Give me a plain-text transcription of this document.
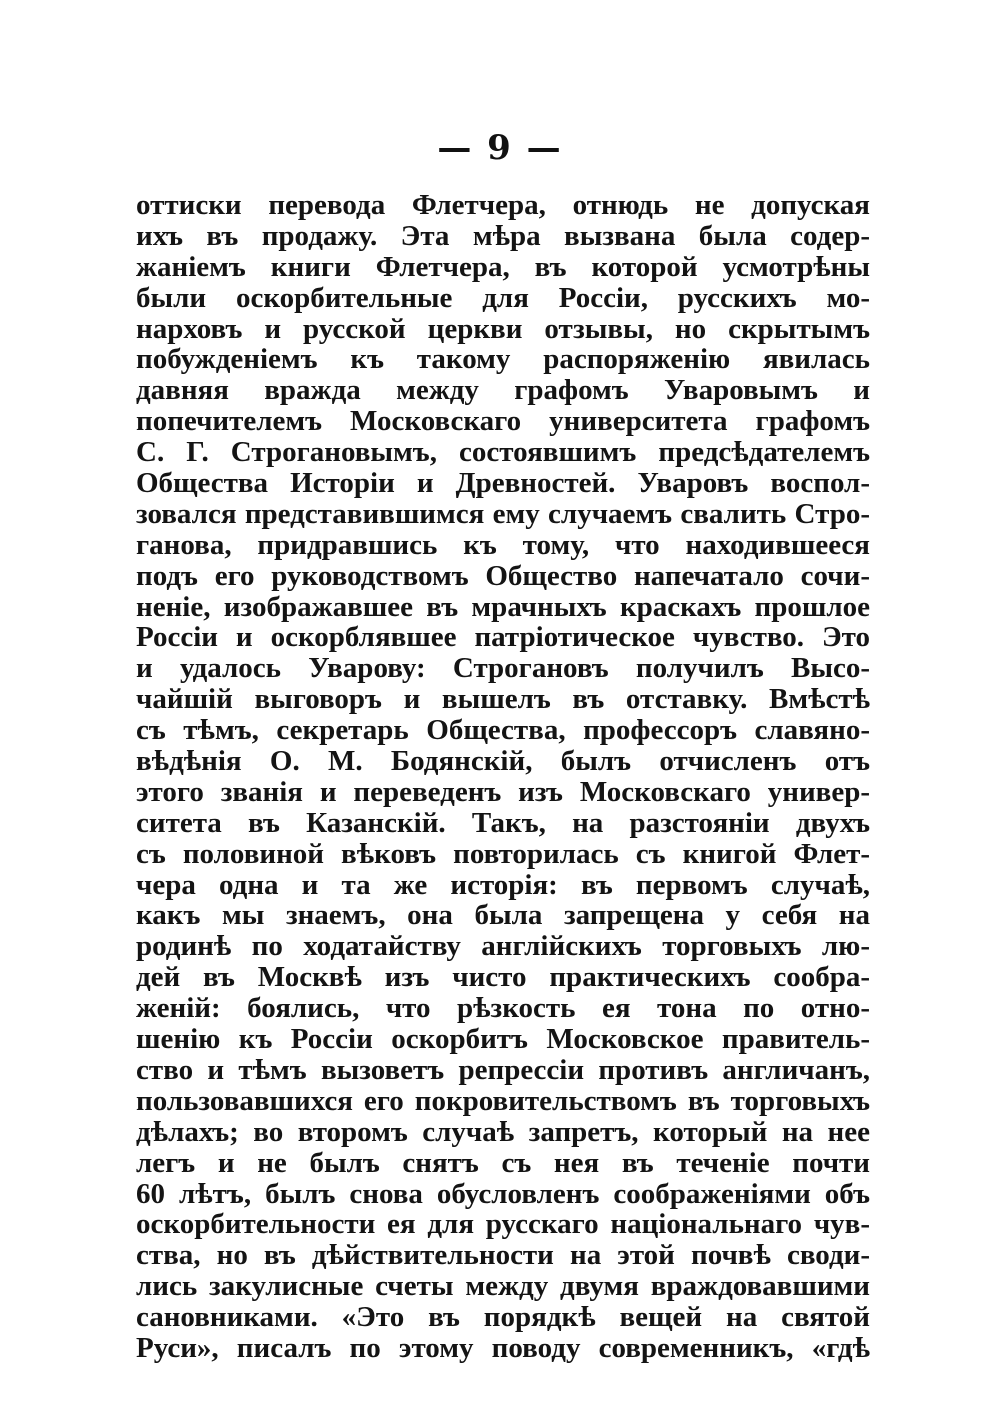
— 9 —
оттиски перевода Флетчера, отнюдь не допуская
ихъ въ продажу. Эта мѣра вызвана была содер-
жаніемъ книги Флетчера, въ которой усмотрѣны
были оскорбительные для Россіи, русскихъ мо-
нарховъ и русской церкви отзывы, но скрытымъ
побужденіемъ къ такому распоряженію явилась
давняя вражда между графомъ Уваровымъ и
попечителемъ Московскаго университета графомъ
С. Г. Строгановымъ, состоявшимъ предсѣдателемъ
Общества Исторіи и Древностей. Уваровъ воспол-
зовался представившимся ему случаемъ свалить Стро-
ганова, придравшись къ тому, что находившееся
подъ его руководствомъ Общество напечатало сочи-
неніе, изображавшее въ мрачныхъ краскахъ прошлое
Россіи и оскорблявшее патріотическое чувство. Это
и удалось Уварову: Строгановъ получилъ Высо-
чайшій выговоръ и вышелъ въ отставку. Вмѣстѣ
съ тѣмъ, секретарь Общества, профессоръ славяно-
вѣдѣнія О. М. Бодянскій, былъ отчисленъ отъ
этого званія и переведенъ изъ Московскаго универ-
ситета въ Казанскій. Такъ, на разстояніи двухъ
съ половиной вѣковъ повторилась съ книгой Флет-
чера одна и та же исторія: въ первомъ случаѣ,
какъ мы знаемъ, она была запрещена у себя на
родинѣ по ходатайству англійскихъ торговыхъ лю-
дей въ Москвѣ изъ чисто практическихъ сообра-
женій: боялись, что рѣзкость ея тона по отно-
шенію къ Россіи оскорбитъ Московское правитель-
ство и тѣмъ вызоветъ репрессіи противъ англичанъ,
пользовавшихся его покровительствомъ въ торговыхъ
дѣлахъ; во второмъ случаѣ запретъ, который на нее
легъ и не былъ снятъ съ нея въ теченіе почти
60 лѣтъ, былъ снова обусловленъ соображеніями объ
оскорбительности ея для русскаго національнаго чув-
ства, но въ дѣйствительности на этой почвѣ своди-
лись закулисные счеты между двумя враждовавшими
сановниками. «Это въ порядкѣ вещей на святой
Руси», писалъ по этому поводу современникъ, «гдѣ
